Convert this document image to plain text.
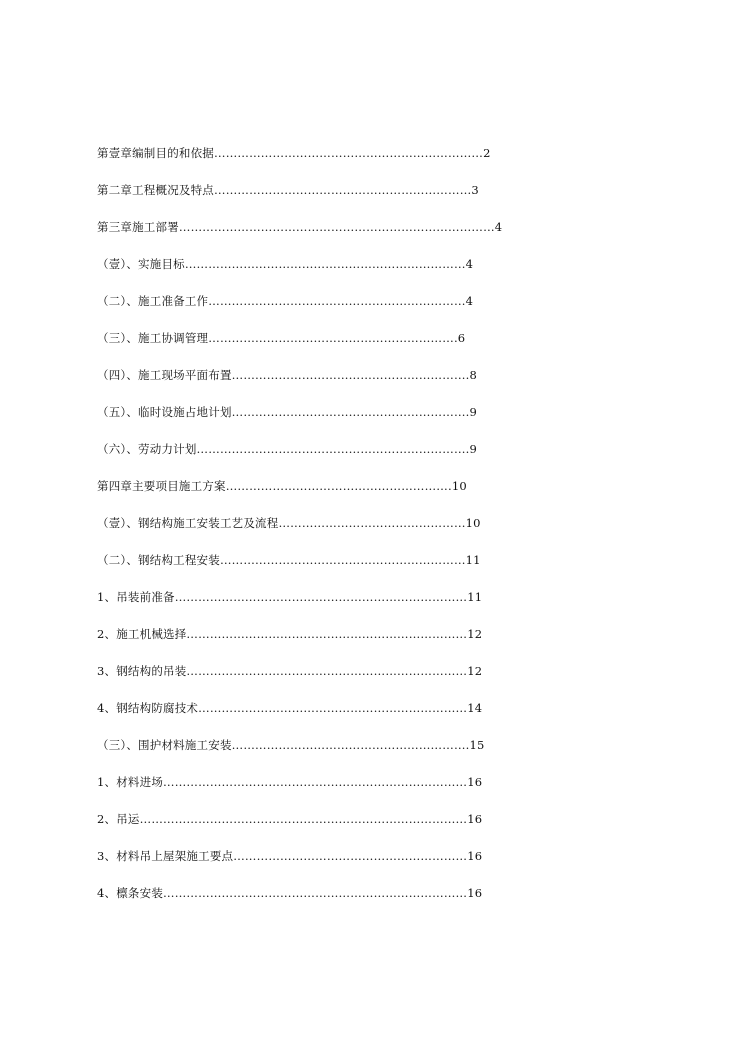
第壹章编制目的和依据……………………………………………………………2
第二章工程概况及特点…………………………………………………………3
第三章施工部署………………………………………………………………………4
（壹）、实施目标………………………………………………………………4
（二）、施工准备工作…………………………………………………………4
（三）、施工协调管理……………………………………………………….6
（四）、施工现场平面布置…………………………………………………….8
（五）、临时设施占地计划…………………………………………………….9
（六）、劳动力计划…………………………………………………………….9
第四章主要项目施工方案………………………………………………….10
（壹）、钢结构施工安装工艺及流程…………………………………………10
（二）、钢结构工程安装………………………………………………………11
1、吊装前准备…………………………………………………………………11
2、施工机械选择………………………………………………………………12
3、钢结构的吊装………………………………………………………………12
4、钢结构防腐技术……………………………………………………………14
（三）、围护材料施工安装…………………………………………………….15
1、材料进场……………………………………………………………………16
2、吊运…………………………………………………………………………16
3、材料吊上屋架施工要点……………………………………………………16
4、檩条安装……………………………………………………………………16
